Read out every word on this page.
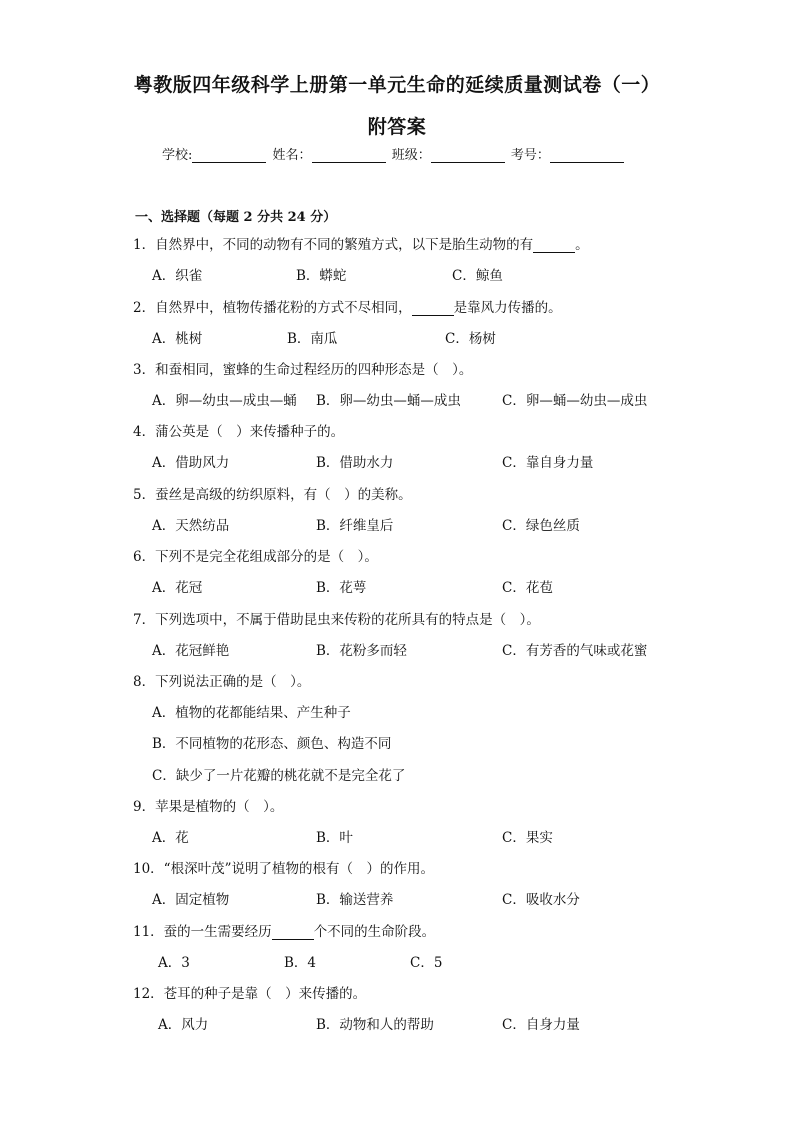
粤教版四年级科学上册第一单元生命的延续质量测试卷（一）
附答案
学校:	姓名：	班级：	考号：
一、选择题（每题 2 分共 24 分）
1．自然界中，不同的动物有不同的繁殖方式，以下是胎生动物的有	。
A．织雀	B．蟒蛇	C．鲸鱼
2．自然界中，植物传播花粉的方式不尽相同，	是靠风力传播的。
A．桃树	B．南瓜	C．杨树
3．和蚕相同，蜜蜂的生命过程经历的四种形态是（　）。
A．卵—幼虫—成虫—蛹 B．卵—幼虫—蛹—成虫	C．卵—蛹—幼虫—成虫
4．蒲公英是（　）来传播种子的。
A．借助风力	B．借助水力	C．靠自身力量
5．蚕丝是高级的纺织原料，有（　）的美称。
A．天然纺品	B．纤维皇后	C．绿色丝质
6．下列不是完全花组成部分的是（　）。
A．花冠	B．花萼	C．花苞
7．下列选项中，不属于借助昆虫来传粉的花所具有的特点是（　）。
A．花冠鲜艳	B．花粉多而轻	C．有芳香的气味或花蜜
8．下列说法正确的是（　）。
A．植物的花都能结果、产生种子
B．不同植物的花形态、颜色、构造不同
C．缺少了一片花瓣的桃花就不是完全花了
9．苹果是植物的（　）。
A．花	B．叶	C．果实
10．“根深叶茂”说明了植物的根有（　）的作用。
A．固定植物	B．输送营养	C．吸收水分
11．蚕的一生需要经历	个不同的生命阶段。
A．3	B．4	C．5
12．苍耳的种子是靠（　）来传播的。
A．风力	B．动物和人的帮助	C．自身力量
